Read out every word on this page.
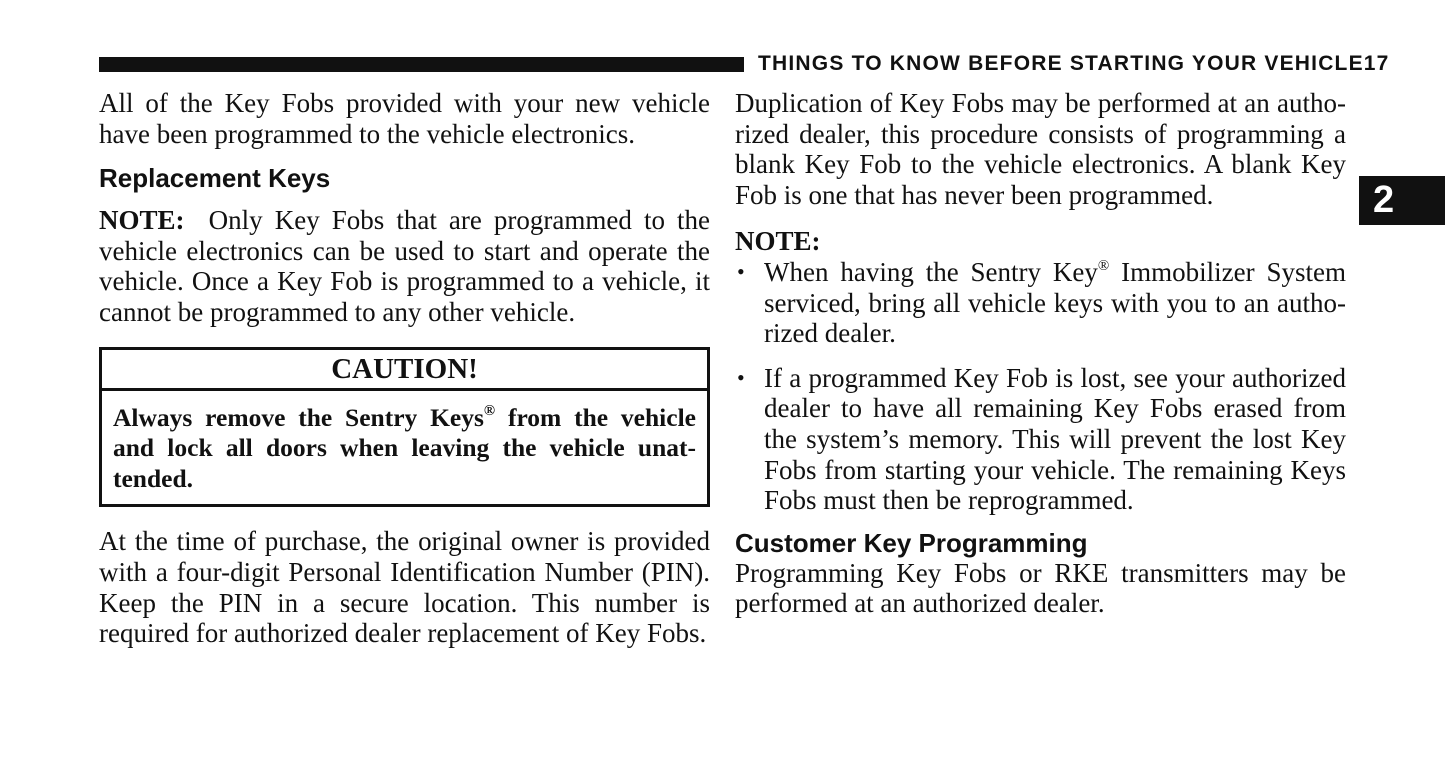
THINGS TO KNOW BEFORE STARTING YOUR VEHICLE 17
2

All of the Key Fobs provided with your new vehicle have been programmed to the vehicle electronics.

Replacement Keys

NOTE: Only Key Fobs that are programmed to the vehicle electronics can be used to start and operate the vehicle. Once a Key Fob is programmed to a vehicle, it cannot be programmed to any other vehicle.

CAUTION!
Always remove the Sentry Keys® from the vehicle and lock all doors when leaving the vehicle unattended.

At the time of purchase, the original owner is provided with a four-digit Personal Identification Number (PIN). Keep the PIN in a secure location. This number is required for authorized dealer replacement of Key Fobs.

Duplication of Key Fobs may be performed at an authorized dealer, this procedure consists of programming a blank Key Fob to the vehicle electronics. A blank Key Fob is one that has never been programmed.

NOTE:

• When having the Sentry Key® Immobilizer System serviced, bring all vehicle keys with you to an authorized dealer.

• If a programmed Key Fob is lost, see your authorized dealer to have all remaining Key Fobs erased from the system’s memory. This will prevent the lost Key Fobs from starting your vehicle. The remaining Keys Fobs must then be reprogrammed.

Customer Key Programming

Programming Key Fobs or RKE transmitters may be performed at an authorized dealer.
